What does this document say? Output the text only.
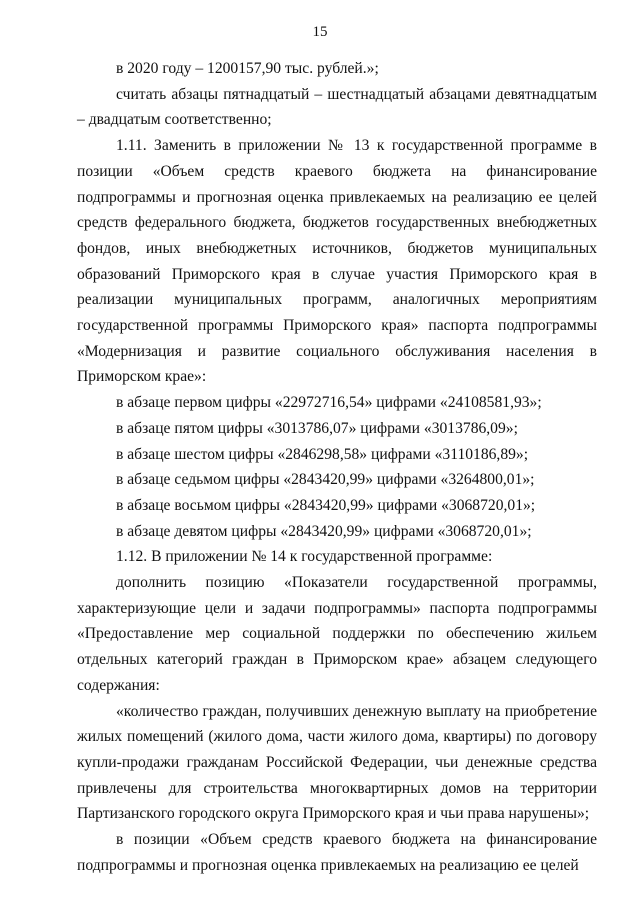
15

в 2020 году – 1200157,90 тыс. рублей.»;

считать абзацы пятнадцатый – шестнадцатый абзацами девятнадцатым – двадцатым соответственно;

1.11. Заменить в приложении № 13 к государственной программе в позиции «Объем средств краевого бюджета на финансирование подпрограммы и прогнозная оценка привлекаемых на реализацию ее целей средств федерального бюджета, бюджетов государственных внебюджетных фондов, иных внебюджетных источников, бюджетов муниципальных образований Приморского края в случае участия Приморского края в реализации муниципальных программ, аналогичных мероприятиям государственной программы Приморского края» паспорта подпрограммы «Модернизация и развитие социального обслуживания населения в Приморском крае»:

в абзаце первом цифры «22972716,54» цифрами «24108581,93»;

в абзаце пятом цифры «3013786,07» цифрами «3013786,09»;

в абзаце шестом цифры «2846298,58» цифрами «3110186,89»;

в абзаце седьмом цифры «2843420,99» цифрами «3264800,01»;

в абзаце восьмом цифры «2843420,99» цифрами «3068720,01»;

в абзаце девятом цифры «2843420,99» цифрами «3068720,01»;

1.12. В приложении № 14 к государственной программе:

дополнить позицию «Показатели государственной программы, характеризующие цели и задачи подпрограммы» паспорта подпрограммы «Предоставление мер социальной поддержки по обеспечению жильем отдельных категорий граждан в Приморском крае» абзацем следующего содержания:

«количество граждан, получивших денежную выплату на приобретение жилых помещений (жилого дома, части жилого дома, квартиры) по договору купли-продажи гражданам Российской Федерации, чьи денежные средства привлечены для строительства многоквартирных домов на территории Партизанского городского округа Приморского края и чьи права нарушены»;

в позиции «Объем средств краевого бюджета на финансирование подпрограммы и прогнозная оценка привлекаемых на реализацию ее целей
